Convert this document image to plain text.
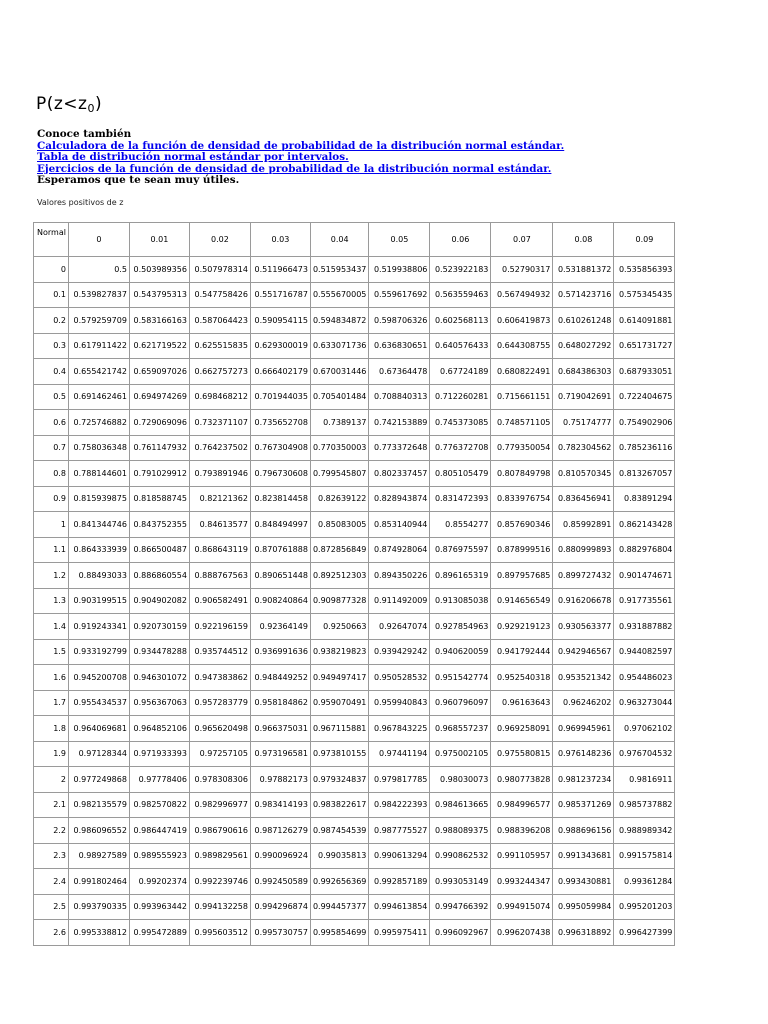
$P(z<z_0)$
Conoce también
Calculadora de la función de densidad de probabilidad de la distribución normal estándar.
Tabla de distribución normal estándar por intervalos.
Ejercicios de la función de densidad de probabilidad de la distribución normal estándar.
Esperamos que te sean muy útiles.
Valores positivos de z
Normal	0	0.01	0.02	0.03	0.04	0.05	0.06	0.07	0.08	0.09
0	0.5	0.503989356	0.507978314	0.511966473	0.515953437	0.519938806	0.523922183	0.52790317	0.531881372	0.535856393
0.1	0.539827837	0.543795313	0.547758426	0.551716787	0.555670005	0.559617692	0.563559463	0.567494932	0.571423716	0.575345435
0.2	0.579259709	0.583166163	0.587064423	0.590954115	0.594834872	0.598706326	0.602568113	0.606419873	0.610261248	0.614091881
0.3	0.617911422	0.621719522	0.625515835	0.629300019	0.633071736	0.636830651	0.640576433	0.644308755	0.648027292	0.651731727
0.4	0.655421742	0.659097026	0.662757273	0.666402179	0.670031446	0.67364478	0.67724189	0.680822491	0.684386303	0.687933051
0.5	0.691462461	0.694974269	0.698468212	0.701944035	0.705401484	0.708840313	0.712260281	0.715661151	0.719042691	0.722404675
0.6	0.725746882	0.729069096	0.732371107	0.735652708	0.7389137	0.742153889	0.745373085	0.748571105	0.75174777	0.754902906
0.7	0.758036348	0.761147932	0.764237502	0.767304908	0.770350003	0.773372648	0.776372708	0.779350054	0.782304562	0.785236116
0.8	0.788144601	0.791029912	0.793891946	0.796730608	0.799545807	0.802337457	0.805105479	0.807849798	0.810570345	0.813267057
0.9	0.815939875	0.818588745	0.82121362	0.823814458	0.82639122	0.828943874	0.831472393	0.833976754	0.836456941	0.83891294
1	0.841344746	0.843752355	0.84613577	0.848494997	0.85083005	0.853140944	0.8554277	0.857690346	0.85992891	0.862143428
1.1	0.864333939	0.866500487	0.868643119	0.870761888	0.872856849	0.874928064	0.876975597	0.878999516	0.880999893	0.882976804
1.2	0.88493033	0.886860554	0.888767563	0.890651448	0.892512303	0.894350226	0.896165319	0.897957685	0.899727432	0.901474671
1.3	0.903199515	0.904902082	0.906582491	0.908240864	0.909877328	0.911492009	0.913085038	0.914656549	0.916206678	0.917735561
1.4	0.919243341	0.920730159	0.922196159	0.92364149	0.9250663	0.92647074	0.927854963	0.929219123	0.930563377	0.931887882
1.5	0.933192799	0.934478288	0.935744512	0.936991636	0.938219823	0.939429242	0.940620059	0.941792444	0.942946567	0.944082597
1.6	0.945200708	0.946301072	0.947383862	0.948449252	0.949497417	0.950528532	0.951542774	0.952540318	0.953521342	0.954486023
1.7	0.955434537	0.956367063	0.957283779	0.958184862	0.959070491	0.959940843	0.960796097	0.96163643	0.96246202	0.963273044
1.8	0.964069681	0.964852106	0.965620498	0.966375031	0.967115881	0.967843225	0.968557237	0.969258091	0.969945961	0.97062102
1.9	0.97128344	0.971933393	0.97257105	0.973196581	0.973810155	0.97441194	0.975002105	0.975580815	0.976148236	0.976704532
2	0.977249868	0.97778406	0.978308306	0.97882173	0.979324837	0.979817785	0.98030073	0.980773828	0.981237234	0.9816911
2.1	0.982135579	0.982570822	0.982996977	0.983414193	0.983822617	0.984222393	0.984613665	0.984996577	0.985371269	0.985737882
2.2	0.986096552	0.986447419	0.986790616	0.987126279	0.987454539	0.987775527	0.988089375	0.988396208	0.988696156	0.988989342
2.3	0.98927589	0.989555923	0.989829561	0.990096924	0.99035813	0.990613294	0.990862532	0.991105957	0.991343681	0.991575814
2.4	0.991802464	0.99202374	0.992239746	0.992450589	0.992656369	0.992857189	0.993053149	0.993244347	0.993430881	0.99361284
2.5	0.993790335	0.993963442	0.994132258	0.994296874	0.994457377	0.994613854	0.994766392	0.994915074	0.995059984	0.995201203
2.6	0.995338812	0.995472889	0.995603512	0.995730757	0.995854699	0.995975411	0.996092967	0.996207438	0.996318892	0.996427399
